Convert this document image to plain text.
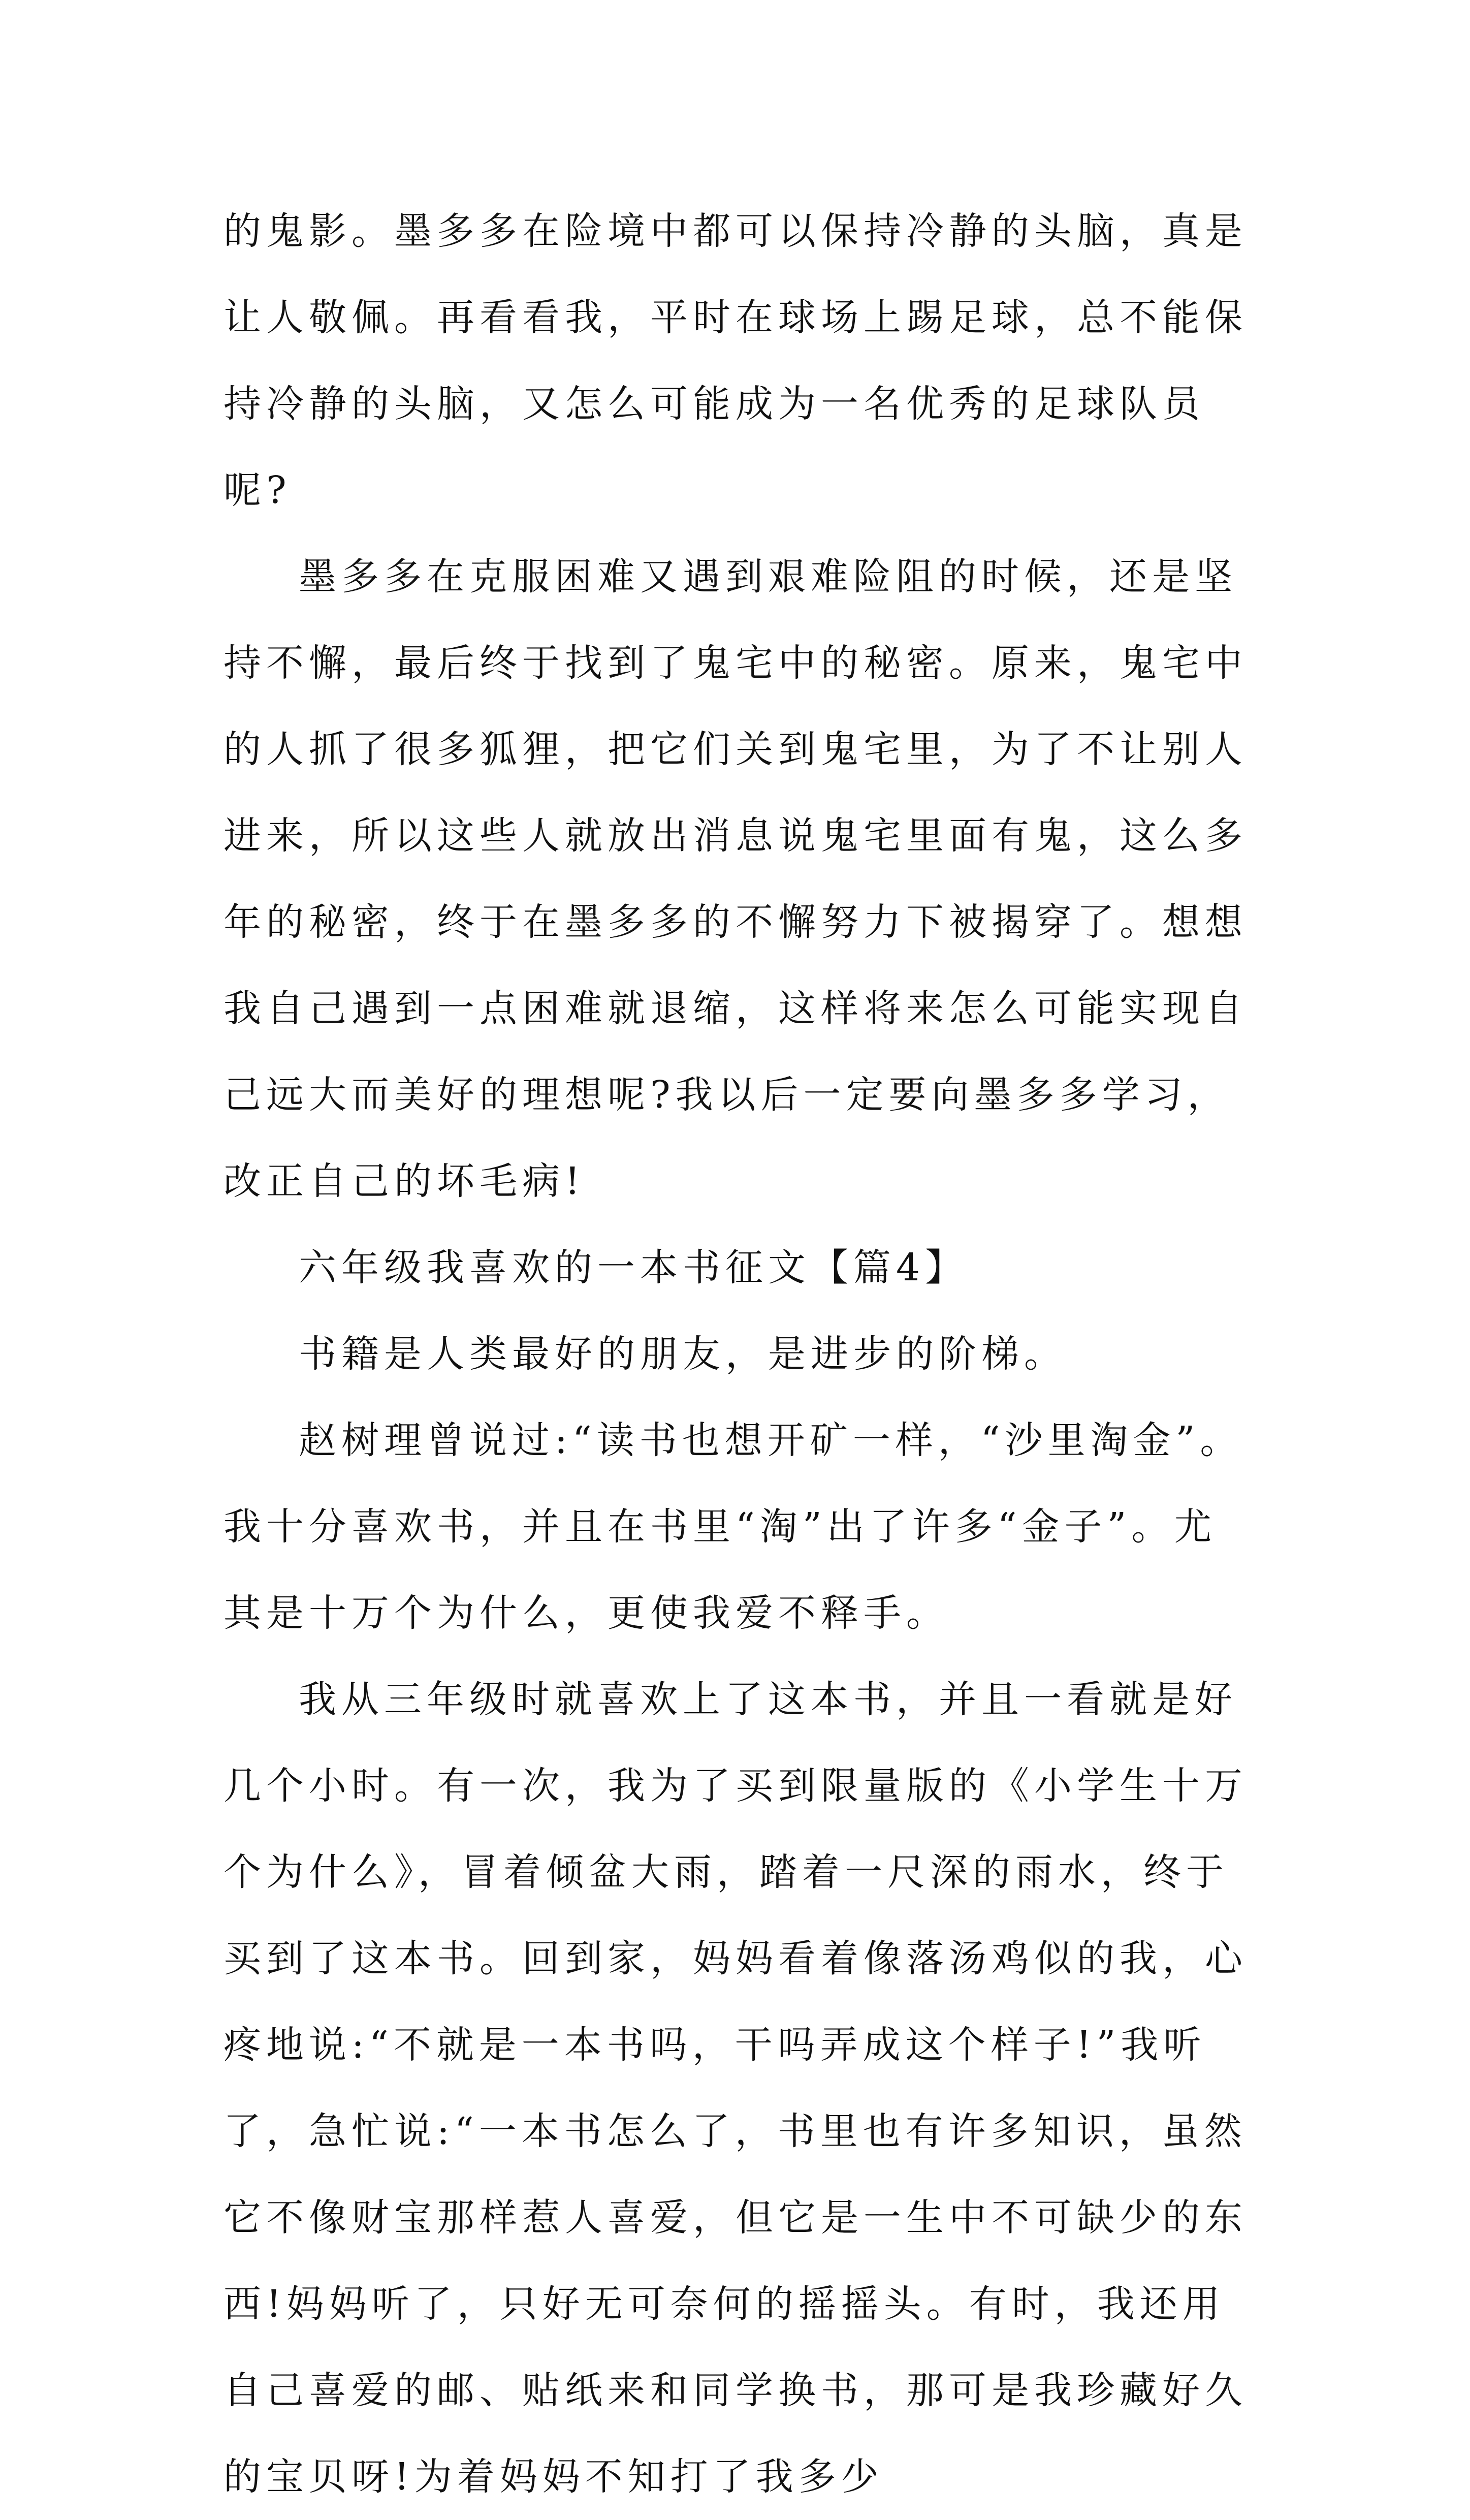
的鬼影。墨多多在险境中都可以保持冷静的头脑，真是让人敬佩。再看看我，平时在球场上踢足球，总不能保持冷静的头脑，又怎么可能成为一名优秀的足球队员呢?

墨多多在克服困难又遇到艰难险阻的时候，还是坚持不懈，最后终于找到了鬼宅中的秘密。原来，鬼宅中的人抓了很多狐狸，把它们关到鬼宅里，为了不让别人进来，所以这些人就放出消息说鬼宅里面有鬼，这么多年的秘密，终于在墨多多的不懈努力下被揭穿了。想想我自己遇到一点困难就退缩，这样将来怎么可能实现自己远大而美好的理想呢?我以后一定要向墨多多学习，改正自己的坏毛病!

六年级我喜欢的一本书征文【篇4】

书籍是人类最好的朋友，是进步的阶梯。

赵树理曾说过:“读书也想开矿一样，“沙里淘金”。我十分喜欢书，并且在书里“淘”出了许多“金子”。尤其是十万个为什么，更使我爱不释手。

我从三年级时就喜欢上了这本书，并且一看就是好几个小时。有一次，我为了买到限量版的《小学生十万个为什么》，冒着倾盆大雨，踏着一尺深的雨水，终于买到了这本书。回到家，妈妈看着像落汤鸡似的我，心疼地说:“不就是一本书吗，干吗弄成这个样子!”我听了，急忙说:“一本书怎么了，书里也有许多知识，虽然它不像财宝那样惹人喜爱，但它是一生中不可缺少的东西!妈妈听了，只好无可奈何的摇摇头。有时，我还用自己喜爱的邮、贴纸来和同学换书，那可是我珍藏好久的宝贝呀!为着妈妈不知打了我多少
